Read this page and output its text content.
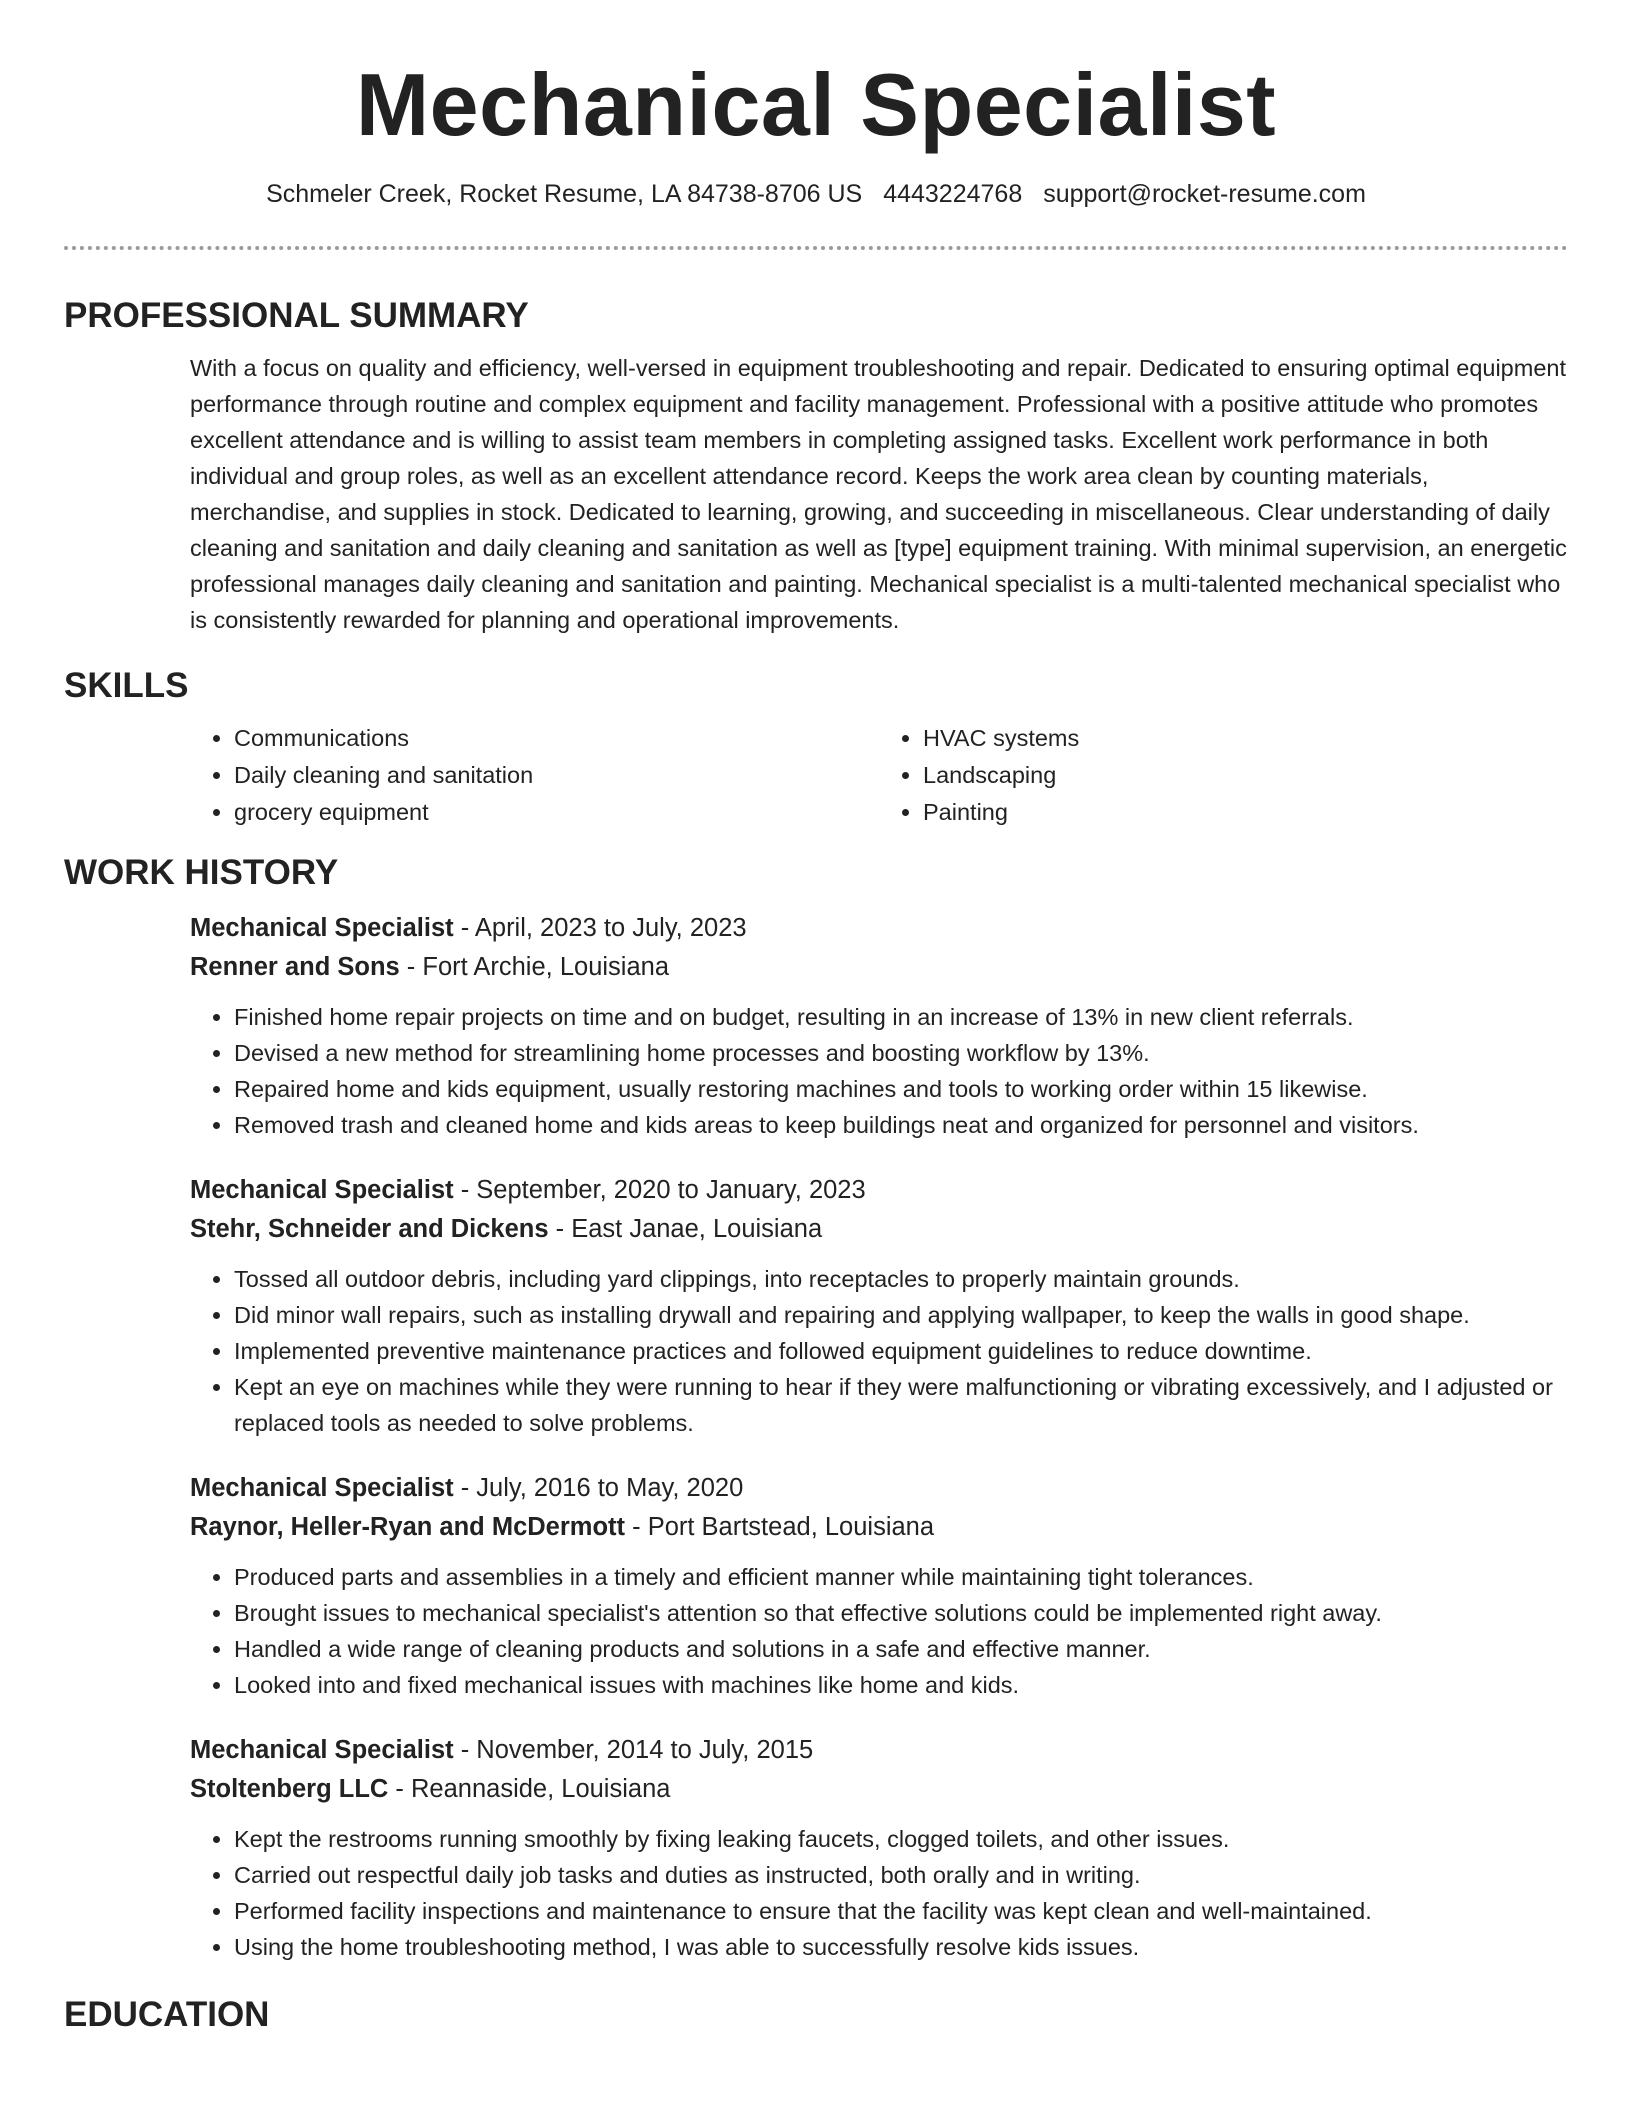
Mechanical Specialist
Schmeler Creek, Rocket Resume, LA 84738-8706 US 4443224768 support@rocket-resume.com
PROFESSIONAL SUMMARY
With a focus on quality and efficiency, well-versed in equipment troubleshooting and repair. Dedicated to ensuring optimal equipment performance through routine and complex equipment and facility management. Professional with a positive attitude who promotes excellent attendance and is willing to assist team members in completing assigned tasks. Excellent work performance in both individual and group roles, as well as an excellent attendance record. Keeps the work area clean by counting materials, merchandise, and supplies in stock. Dedicated to learning, growing, and succeeding in miscellaneous. Clear understanding of daily cleaning and sanitation and daily cleaning and sanitation as well as [type] equipment training. With minimal supervision, an energetic professional manages daily cleaning and sanitation and painting. Mechanical specialist is a multi-talented mechanical specialist who is consistently rewarded for planning and operational improvements.
SKILLS
• Communications
• Daily cleaning and sanitation
• grocery equipment
• HVAC systems
• Landscaping
• Painting
WORK HISTORY
Mechanical Specialist - April, 2023 to July, 2023
Renner and Sons - Fort Archie, Louisiana
• Finished home repair projects on time and on budget, resulting in an increase of 13% in new client referrals.
• Devised a new method for streamlining home processes and boosting workflow by 13%.
• Repaired home and kids equipment, usually restoring machines and tools to working order within 15 likewise.
• Removed trash and cleaned home and kids areas to keep buildings neat and organized for personnel and visitors.
Mechanical Specialist - September, 2020 to January, 2023
Stehr, Schneider and Dickens - East Janae, Louisiana
• Tossed all outdoor debris, including yard clippings, into receptacles to properly maintain grounds.
• Did minor wall repairs, such as installing drywall and repairing and applying wallpaper, to keep the walls in good shape.
• Implemented preventive maintenance practices and followed equipment guidelines to reduce downtime.
• Kept an eye on machines while they were running to hear if they were malfunctioning or vibrating excessively, and I adjusted or replaced tools as needed to solve problems.
Mechanical Specialist - July, 2016 to May, 2020
Raynor, Heller-Ryan and McDermott - Port Bartstead, Louisiana
• Produced parts and assemblies in a timely and efficient manner while maintaining tight tolerances.
• Brought issues to mechanical specialist's attention so that effective solutions could be implemented right away.
• Handled a wide range of cleaning products and solutions in a safe and effective manner.
• Looked into and fixed mechanical issues with machines like home and kids.
Mechanical Specialist - November, 2014 to July, 2015
Stoltenberg LLC - Reannaside, Louisiana
• Kept the restrooms running smoothly by fixing leaking faucets, clogged toilets, and other issues.
• Carried out respectful daily job tasks and duties as instructed, both orally and in writing.
• Performed facility inspections and maintenance to ensure that the facility was kept clean and well-maintained.
• Using the home troubleshooting method, I was able to successfully resolve kids issues.
EDUCATION
